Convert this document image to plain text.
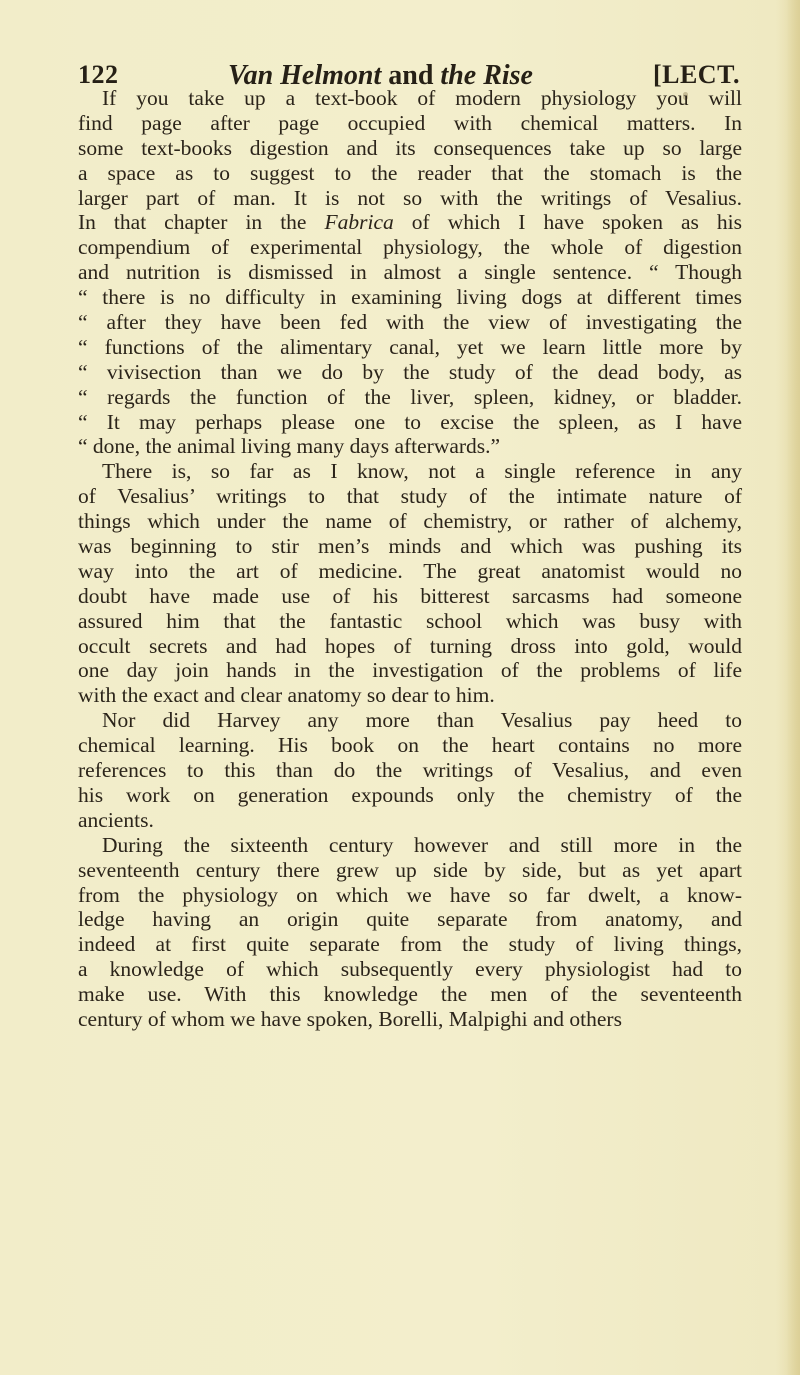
122	Van Helmont and the Rise	[LECT.
If you take up a text-book of modern physiology you will
find page after page occupied with chemical matters. In
some text-books digestion and its consequences take up so large
a space as to suggest to the reader that the stomach is the
larger part of man. It is not so with the writings of Vesalius.
In that chapter in the Fabrica of which I have spoken as his
compendium of experimental physiology, the whole of digestion
and nutrition is dismissed in almost a single sentence. “ Though
“ there is no difficulty in examining living dogs at different times
“ after they have been fed with the view of investigating the
“ functions of the alimentary canal, yet we learn little more by
“ vivisection than we do by the study of the dead body, as
“ regards the function of the liver, spleen, kidney, or bladder.
“ It may perhaps please one to excise the spleen, as I have
“ done, the animal living many days afterwards.”
There is, so far as I know, not a single reference in any
of Vesalius’ writings to that study of the intimate nature of
things which under the name of chemistry, or rather of alchemy,
was beginning to stir men’s minds and which was pushing its
way into the art of medicine. The great anatomist would no
doubt have made use of his bitterest sarcasms had someone
assured him that the fantastic school which was busy with
occult secrets and had hopes of turning dross into gold, would
one day join hands in the investigation of the problems of life
with the exact and clear anatomy so dear to him.
Nor did Harvey any more than Vesalius pay heed to
chemical learning. His book on the heart contains no more
references to this than do the writings of Vesalius, and even
his work on generation expounds only the chemistry of the
ancients.
During the sixteenth century however and still more in the
seventeenth century there grew up side by side, but as yet apart
from the physiology on which we have so far dwelt, a know-
ledge having an origin quite separate from anatomy, and
indeed at first quite separate from the study of living things,
a knowledge of which subsequently every physiologist had to
make use. With this knowledge the men of the seventeenth
century of whom we have spoken, Borelli, Malpighi and others
